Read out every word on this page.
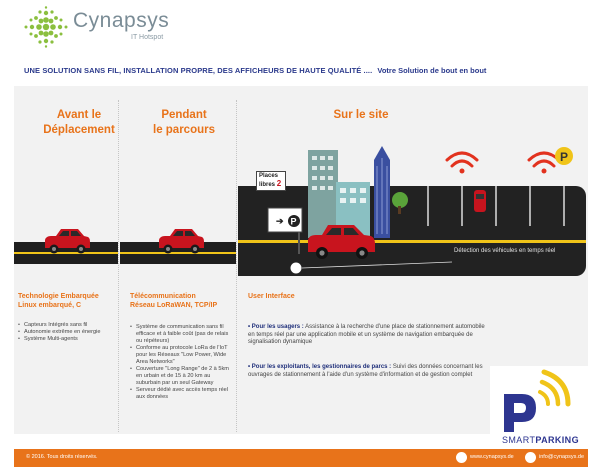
Cynapsys
IT Hotspot
UNE SOLUTION SANS FIL, INSTALLATION PROPRE, DES AFFICHEURS DE HAUTE QUALITÉ .... Votre Solution de bout en bout
Avant le
Déplacement
Pendant
le parcours
Sur le site
P
➔ P
Places
libres 2
Détection des véhicules en temps réel
Technologie Embarquée
Linux embarqué, C
Télécommunication
Réseau LoRaWAN, TCP/IP
User Interface
• Capteurs Intégrés sans fil
• Autonomie extrême en énergie
• Système Multi-agents
• Système de communication sans fil efficace et à faible coût (pas de relais ou répéteurs)
• Conforme au protocole LoRa de l'IoT pour les Réseaux "Low Power, Wide Area Networks"
• Couverture "Long Range" de 2 à 5km en urbain et de 15 à 20 km au suburbain par un seul Gateway
• Serveur dédié avec accès temps réel aux données
• Pour les usagers : Assistance à la recherche d'une place de stationnement automobile en temps réel par une application mobile et un système de navigation embarquée de signalisation dynamique
• Pour les exploitants, les gestionnaires de parcs : Suivi des données concernant les ouvrages de stationnement à l'aide d'un système d'information et de gestion complet
SMARTPARKING
© 2016. Tous droits réservés.	www.cynapsys.de	info@cynapsys.de
